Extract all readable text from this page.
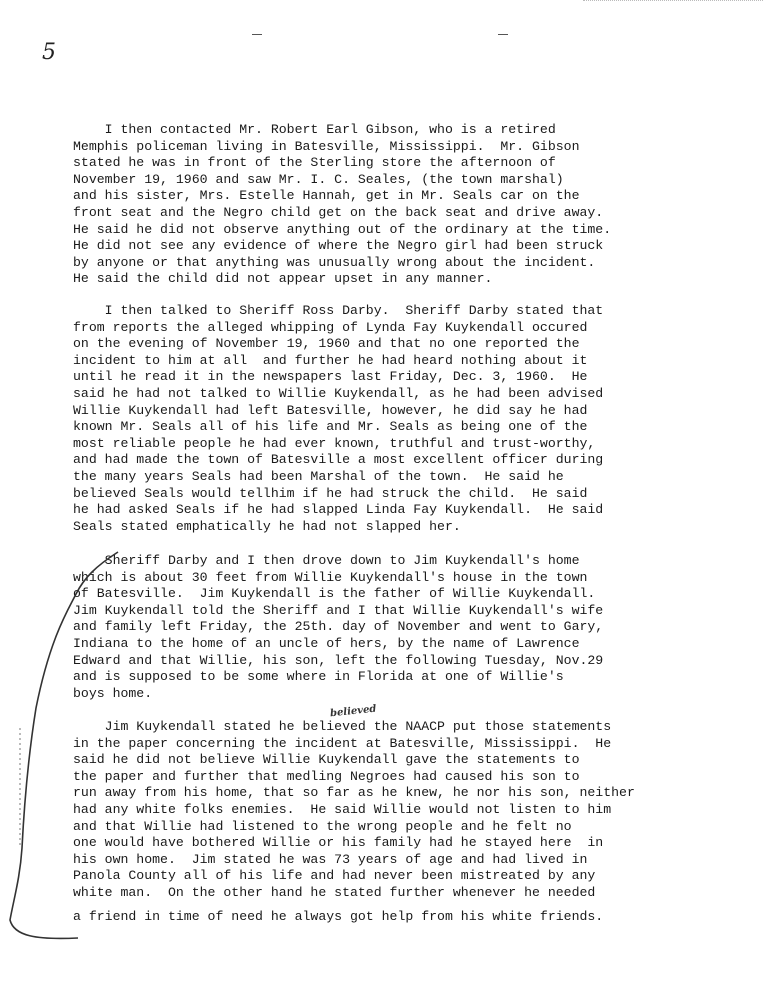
5
I then contacted Mr. Robert Earl Gibson, who is a retired
Memphis policeman living in Batesville, Mississippi.  Mr. Gibson
stated he was in front of the Sterling store the afternoon of
November 19, 1960 and saw Mr. I. C. Seales, (the town marshal)
and his sister, Mrs. Estelle Hannah, get in Mr. Seals car on the
front seat and the Negro child get on the back seat and drive away.
He said he did not observe anything out of the ordinary at the time.
He did not see any evidence of where the Negro girl had been struck
by anyone or that anything was unusually wrong about the incident.
He said the child did not appear upset in any manner.
I then talked to Sheriff Ross Darby.  Sheriff Darby stated that
from reports the alleged whipping of Lynda Fay Kuykendall occured
on the evening of November 19, 1960 and that no one reported the
incident to him at all  and further he had heard nothing about it
until he read it in the newspapers last Friday, Dec. 3, 1960.  He
said he had not talked to Willie Kuykendall, as he had been advised
Willie Kuykendall had left Batesville, however, he did say he had
known Mr. Seals all of his life and Mr. Seals as being one of the
most reliable people he had ever known, truthful and trust-worthy,
and had made the town of Batesville a most excellent officer during
the many years Seals had been Marshal of the town.  He said he
believed Seals would tellhim if he had struck the child.  He said
he had asked Seals if he had slapped Linda Fay Kuykendall.  He said
Seals stated emphatically he had not slapped her.
Sheriff Darby and I then drove down to Jim Kuykendall's home
which is about 30 feet from Willie Kuykendall's house in the town
of Batesville.  Jim Kuykendall is the father of Willie Kuykendall.
Jim Kuykendall told the Sheriff and I that Willie Kuykendall's wife
and family left Friday, the 25th. day of November and went to Gary,
Indiana to the home of an uncle of hers, by the name of Lawrence
Edward and that Willie, his son, left the following Tuesday, Nov.29
and is supposed to be some where in Florida at one of Willie's
boys home.
Jim Kuykendall stated he believed the NAACP put those statements
in the paper concerning the incident at Batesville, Mississippi.  He
said he did not believe Willie Kuykendall gave the statements to
the paper and further that medling Negroes had caused his son to
run away from his home, that so far as he knew, he nor his son, neither
had any white folks enemies.  He said Willie would not listen to him
and that Willie had listened to the wrong people and he felt no
one would have bothered Willie or his family had he stayed here  in
his own home.  Jim stated he was 73 years of age and had lived in
Panola County all of his life and had never been mistreated by any
white man.  On the other hand he stated further whenever he needed
a friend in time of need he always got help from his white friends.
believed
